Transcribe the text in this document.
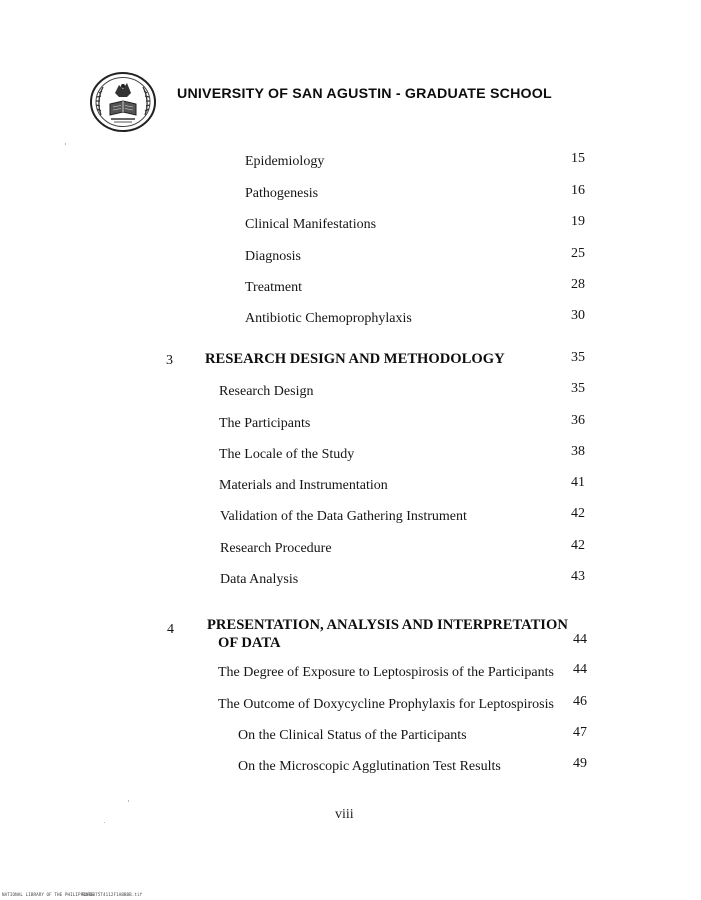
UNIVERSITY OF SAN AGUSTIN - GRADUATE SCHOOL
Epidemiology	15
Pathogenesis	16
Clinical Manifestations	19
Diagnosis	25
Treatment	28
Antibiotic Chemoprophylaxis	30
3 RESEARCH DESIGN AND METHODOLOGY	35
Research Design	35
The Participants	36
The Locale of the Study	38
Materials and Instrumentation	41
Validation of the Data Gathering Instrument	42
Research Procedure	42
Data Analysis	43
4 PRESENTATION, ANALYSIS AND INTERPRETATION
OF DATA	44
The Degree of Exposure to Leptospirosis of the Participants 44
The Outcome of Doxycycline Prophylaxis for Leptospirosis 46
On the Clinical Status of the Participants	47
On the Microscopic Agglutination Test Results	49
viii
NATIONAL LIBRARY OF THE PHILIPPINES
8LP0075T4112F1ABBBB.tif
